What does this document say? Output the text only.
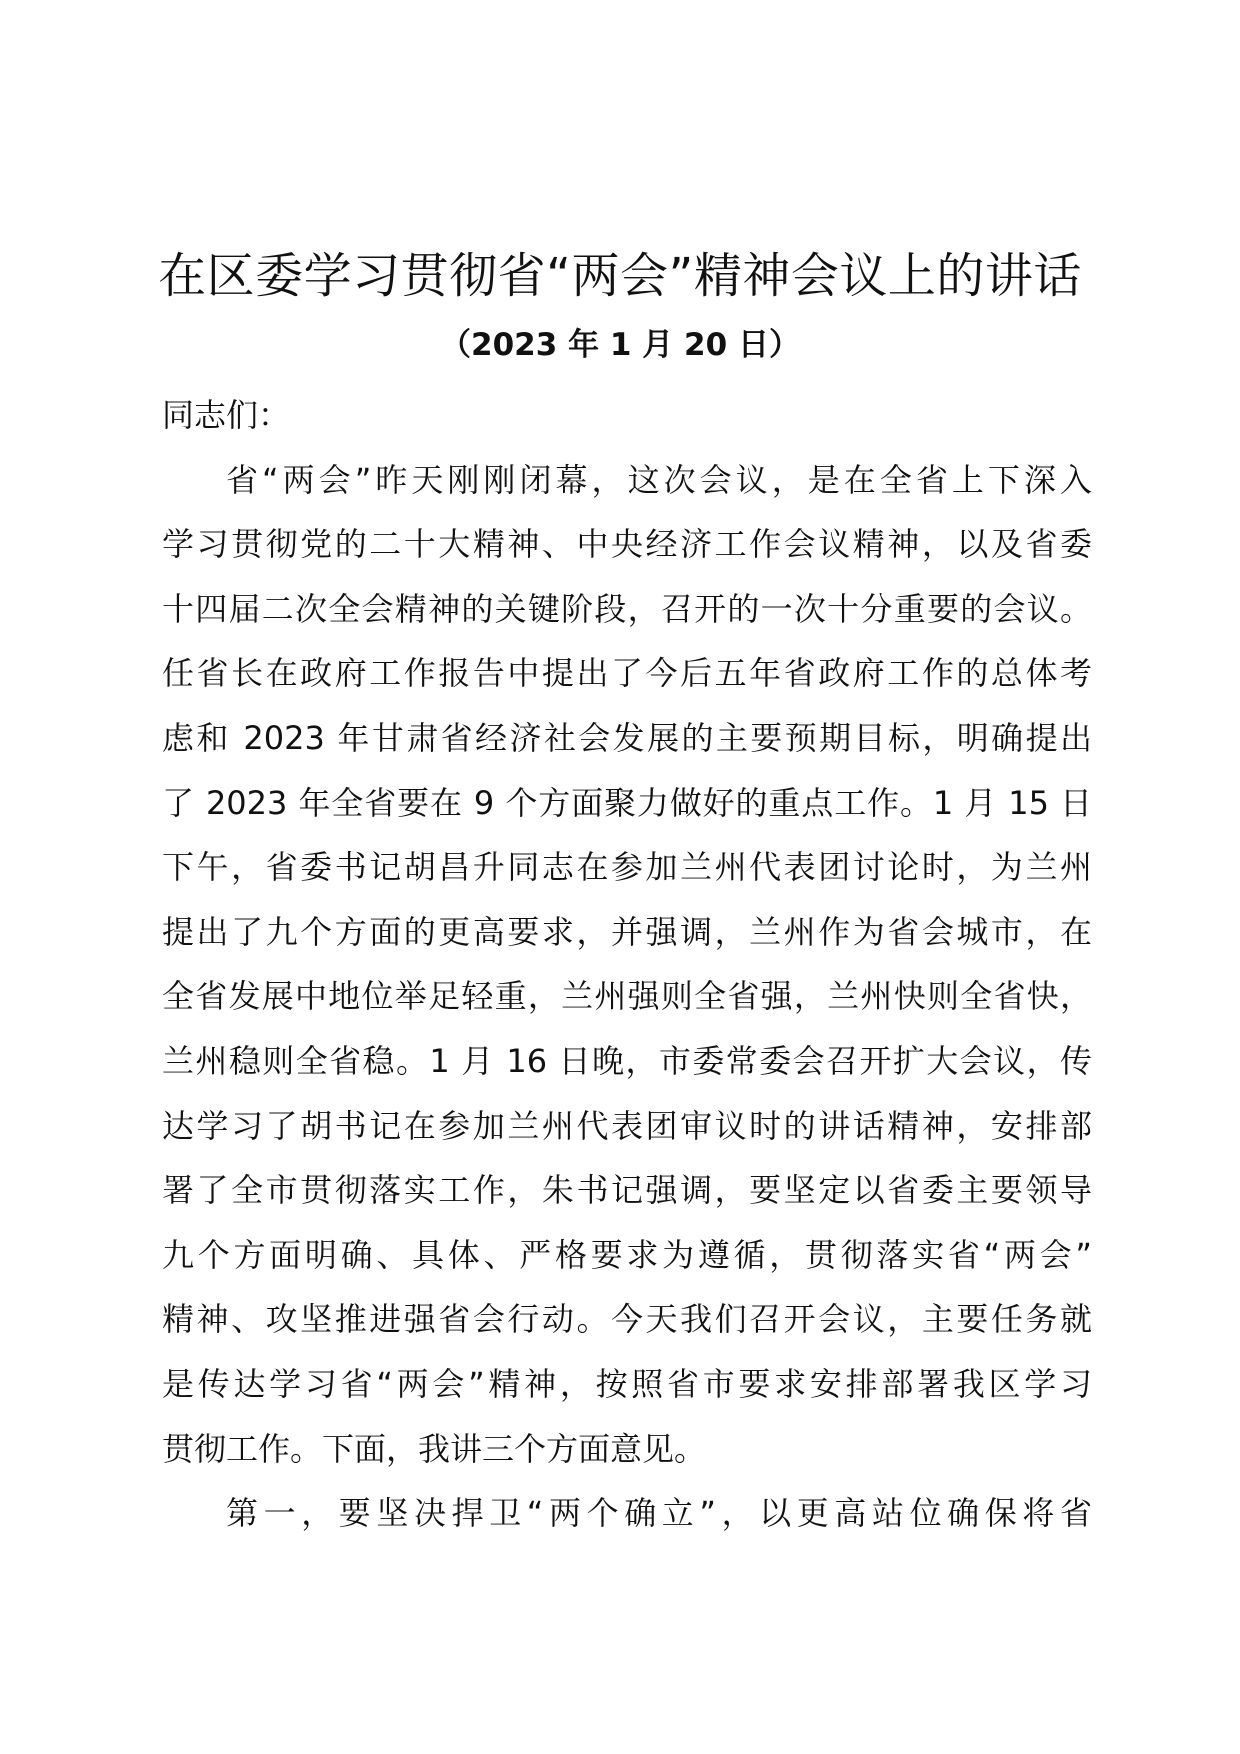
在区委学习贯彻省“两会”精神会议上的讲话
（2023 年 1 月 20 日）
同志们：
省“两会”昨天刚刚闭幕，这次会议，是在全省上下深入
学习贯彻党的二十大精神、中央经济工作会议精神，以及省委
十四届二次全会精神的关键阶段，召开的一次十分重要的会议。
任省长在政府工作报告中提出了今后五年省政府工作的总体考
虑和 2023 年甘肃省经济社会发展的主要预期目标，明确提出
了 2023 年全省要在 9 个方面聚力做好的重点工作。1 月 15 日
下午，省委书记胡昌升同志在参加兰州代表团讨论时，为兰州
提出了九个方面的更高要求，并强调，兰州作为省会城市，在
全省发展中地位举足轻重，兰州强则全省强，兰州快则全省快，
兰州稳则全省稳。1 月 16 日晚，市委常委会召开扩大会议，传
达学习了胡书记在参加兰州代表团审议时的讲话精神，安排部
署了全市贯彻落实工作，朱书记强调，要坚定以省委主要领导
九个方面明确、具体、严格要求为遵循，贯彻落实省“两会”
精神、攻坚推进强省会行动。今天我们召开会议，主要任务就
是传达学习省“两会”精神，按照省市要求安排部署我区学习
贯彻工作。下面，我讲三个方面意见。
第一，要坚决捍卫“两个确立”，以更高站位确保将省
